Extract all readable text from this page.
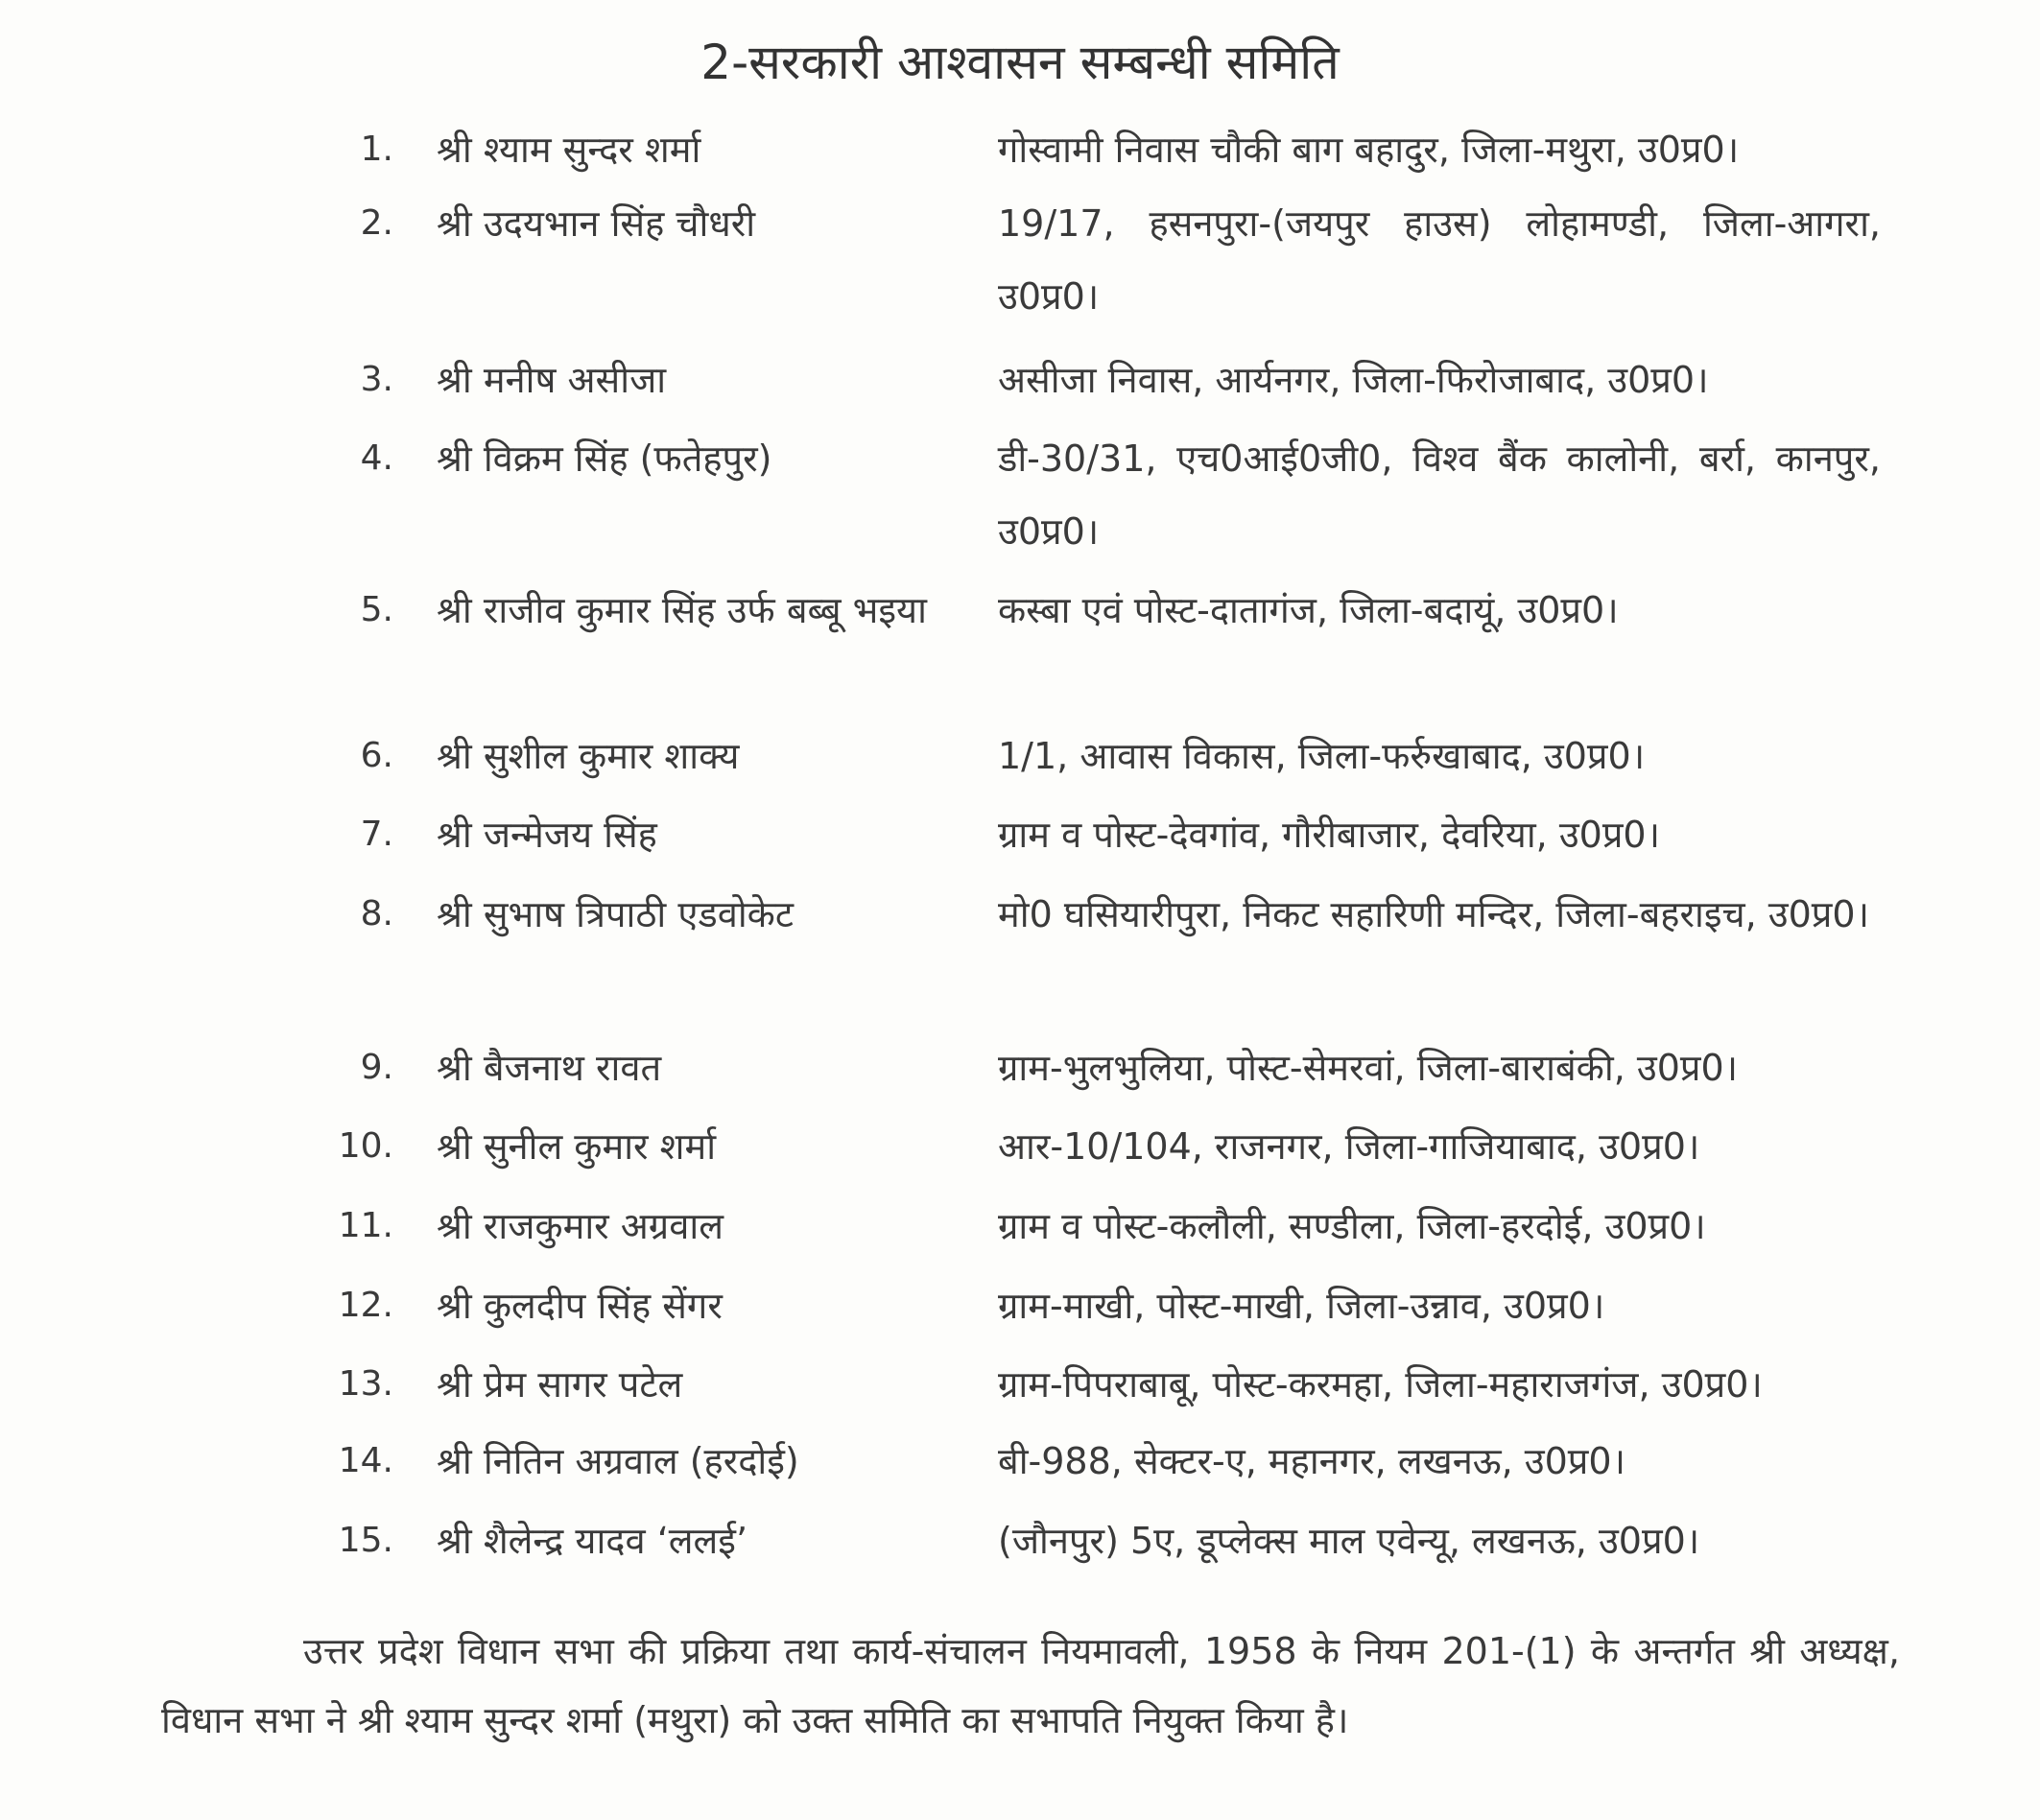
2-सरकारी आश्वासन सम्बन्धी समिति
1. श्री श्याम सुन्दर शर्मा	गोस्वामी निवास चौकी बाग बहादुर, जिला-मथुरा, उ0प्र0।
2. श्री उदयभान सिंह चौधरी	19/17, हसनपुरा-(जयपुर हाउस) लोहामण्डी, जिला-आगरा, उ0प्र0।
3. श्री मनीष असीजा	असीजा निवास, आर्यनगर, जिला-फिरोजाबाद, उ0प्र0।
4. श्री विक्रम सिंह (फतेहपुर)	डी-30/31, एच0आई0जी0, विश्व बैंक कालोनी, बर्रा, कानपुर, उ0प्र0।
5. श्री राजीव कुमार सिंह उर्फ बब्बू भइया	कस्बा एवं पोस्ट-दातागंज, जिला-बदायूं, उ0प्र0।
6. श्री सुशील कुमार शाक्य	1/1, आवास विकास, जिला-फर्रुखाबाद, उ0प्र0।
7. श्री जन्मेजय सिंह	ग्राम व पोस्ट-देवगांव, गौरीबाजार, देवरिया, उ0प्र0।
8. श्री सुभाष त्रिपाठी एडवोकेट	मो0 घसियारीपुरा, निकट सहारिणी मन्दिर, जिला-बहराइच, उ0प्र0।
9. श्री बैजनाथ रावत	ग्राम-भुलभुलिया, पोस्ट-सेमरवां, जिला-बाराबंकी, उ0प्र0।
10. श्री सुनील कुमार शर्मा	आर-10/104, राजनगर, जिला-गाजियाबाद, उ0प्र0।
11. श्री राजकुमार अग्रवाल	ग्राम व पोस्ट-कलौली, सण्डीला, जिला-हरदोई, उ0प्र0।
12. श्री कुलदीप सिंह सेंगर	ग्राम-माखी, पोस्ट-माखी, जिला-उन्नाव, उ0प्र0।
13. श्री प्रेम सागर पटेल	ग्राम-पिपराबाबू, पोस्ट-करमहा, जिला-महाराजगंज, उ0प्र0।
14. श्री नितिन अग्रवाल (हरदोई)	बी-988, सेक्टर-ए, महानगर, लखनऊ, उ0प्र0।
15. श्री शैलेन्द्र यादव ‘ललई’	(जौनपुर) 5ए, डूप्लेक्स माल एवेन्यू, लखनऊ, उ0प्र0।
उत्तर प्रदेश विधान सभा की प्रक्रिया तथा कार्य-संचालन नियमावली, 1958 के नियम 201-(1) के अन्तर्गत श्री अध्यक्ष, विधान सभा ने श्री श्याम सुन्दर शर्मा (मथुरा) को उक्त समिति का सभापति नियुक्त किया है।
